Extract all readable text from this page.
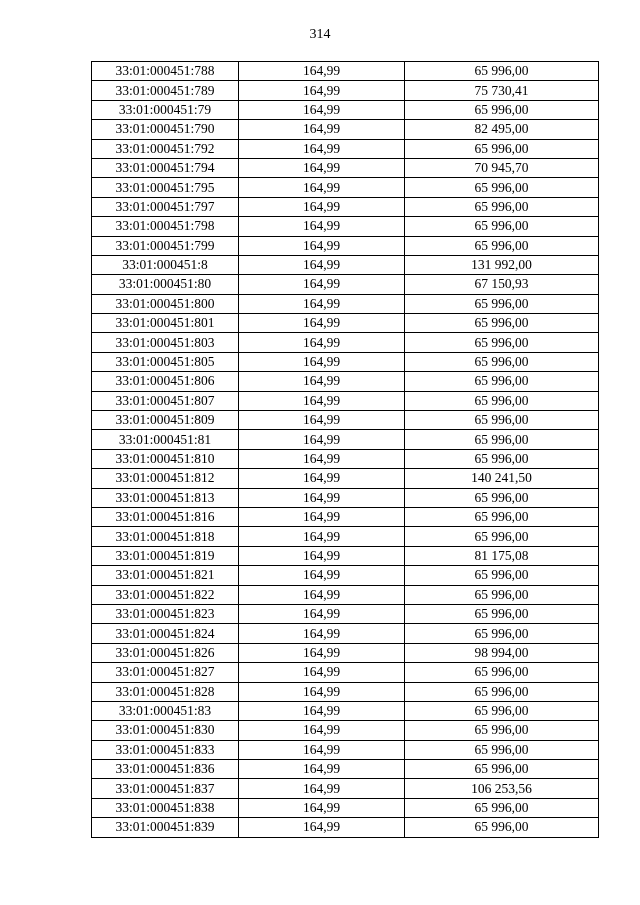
314
33:01:000451:788	164,99	65 996,00
33:01:000451:789	164,99	75 730,41
33:01:000451:79	164,99	65 996,00
33:01:000451:790	164,99	82 495,00
33:01:000451:792	164,99	65 996,00
33:01:000451:794	164,99	70 945,70
33:01:000451:795	164,99	65 996,00
33:01:000451:797	164,99	65 996,00
33:01:000451:798	164,99	65 996,00
33:01:000451:799	164,99	65 996,00
33:01:000451:8	164,99	131 992,00
33:01:000451:80	164,99	67 150,93
33:01:000451:800	164,99	65 996,00
33:01:000451:801	164,99	65 996,00
33:01:000451:803	164,99	65 996,00
33:01:000451:805	164,99	65 996,00
33:01:000451:806	164,99	65 996,00
33:01:000451:807	164,99	65 996,00
33:01:000451:809	164,99	65 996,00
33:01:000451:81	164,99	65 996,00
33:01:000451:810	164,99	65 996,00
33:01:000451:812	164,99	140 241,50
33:01:000451:813	164,99	65 996,00
33:01:000451:816	164,99	65 996,00
33:01:000451:818	164,99	65 996,00
33:01:000451:819	164,99	81 175,08
33:01:000451:821	164,99	65 996,00
33:01:000451:822	164,99	65 996,00
33:01:000451:823	164,99	65 996,00
33:01:000451:824	164,99	65 996,00
33:01:000451:826	164,99	98 994,00
33:01:000451:827	164,99	65 996,00
33:01:000451:828	164,99	65 996,00
33:01:000451:83	164,99	65 996,00
33:01:000451:830	164,99	65 996,00
33:01:000451:833	164,99	65 996,00
33:01:000451:836	164,99	65 996,00
33:01:000451:837	164,99	106 253,56
33:01:000451:838	164,99	65 996,00
33:01:000451:839	164,99	65 996,00
